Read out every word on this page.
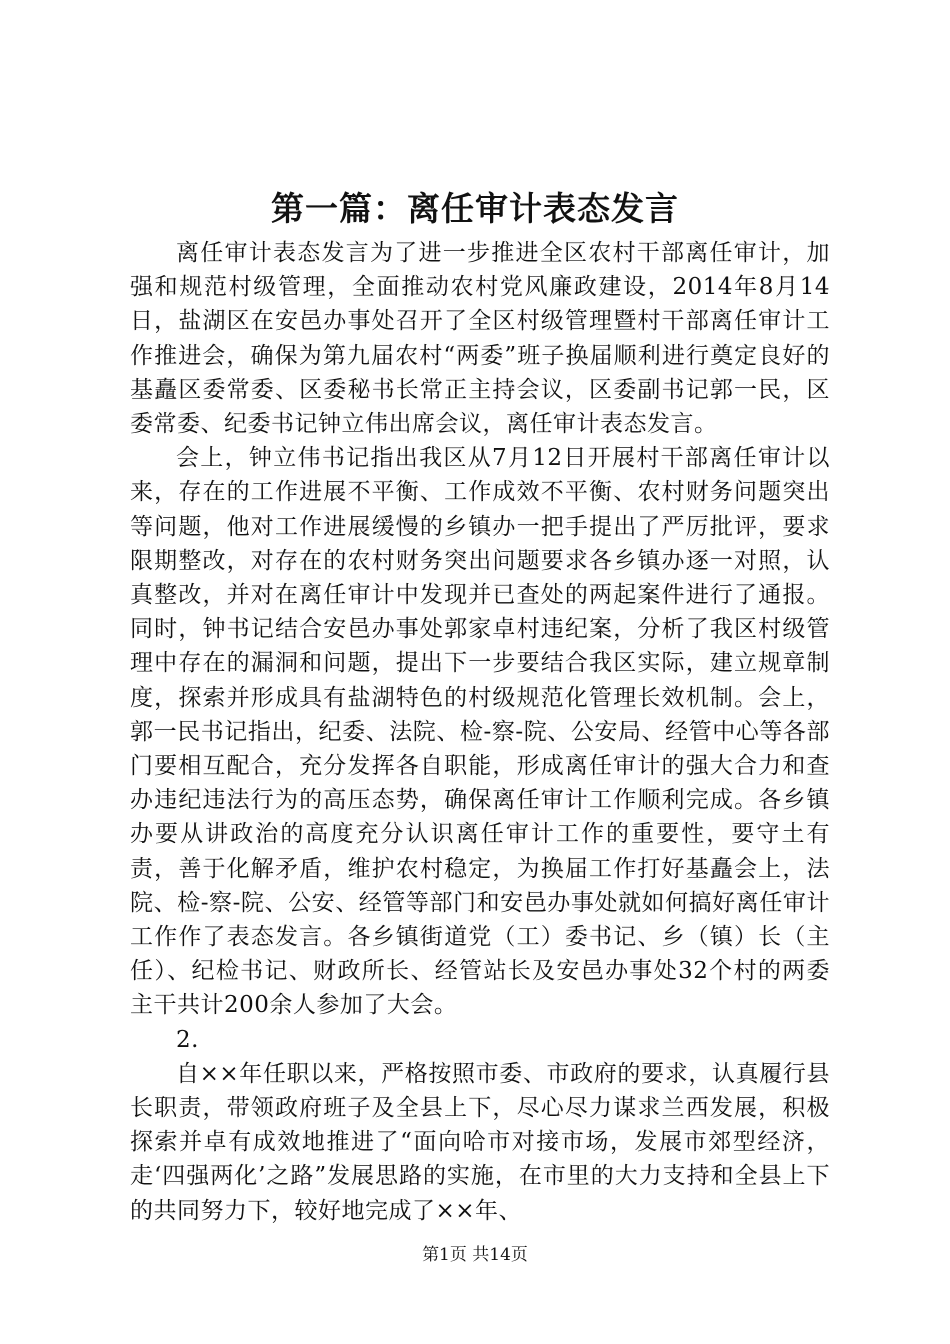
第一篇：离任审计表态发言

离任审计表态发言为了进一步推进全区农村干部离任审计，加强和规范村级管理，全面推动农村党风廉政建设，2014年8月14日，盐湖区在安邑办事处召开了全区村级管理暨村干部离任审计工作推进会，确保为第九届农村“两委”班子换届顺利进行奠定良好的基矗区委常委、区委秘书长常正主持会议，区委副书记郭一民，区委常委、纪委书记钟立伟出席会议，离任审计表态发言。

会上，钟立伟书记指出我区从7月12日开展村干部离任审计以来，存在的工作进展不平衡、工作成效不平衡、农村财务问题突出等问题，他对工作进展缓慢的乡镇办一把手提出了严厉批评，要求限期整改，对存在的农村财务突出问题要求各乡镇办逐一对照，认真整改，并对在离任审计中发现并已查处的两起案件进行了通报。同时，钟书记结合安邑办事处郭家卓村违纪案，分析了我区村级管理中存在的漏洞和问题，提出下一步要结合我区实际，建立规章制度，探索并形成具有盐湖特色的村级规范化管理长效机制。会上，郭一民书记指出，纪委、法院、检-察-院、公安局、经管中心等各部门要相互配合，充分发挥各自职能，形成离任审计的强大合力和查办违纪违法行为的高压态势，确保离任审计工作顺利完成。各乡镇办要从讲政治的高度充分认识离任审计工作的重要性，要守土有责，善于化解矛盾，维护农村稳定，为换届工作打好基矗会上，法院、检-察-院、公安、经管等部门和安邑办事处就如何搞好离任审计工作作了表态发言。各乡镇街道党（工）委书记、乡（镇）长（主任）、纪检书记、财政所长、经管站长及安邑办事处32个村的两委主干共计200余人参加了大会。

2.

自××年任职以来，严格按照市委、市政府的要求，认真履行县长职责，带领政府班子及全县上下，尽心尽力谋求兰西发展，积极探索并卓有成效地推进了“面向哈市对接市场，发展市郊型经济，走‘四强两化’之路”发展思路的实施，在市里的大力支持和全县上下的共同努力下，较好地完成了××年、

第1页 共14页
